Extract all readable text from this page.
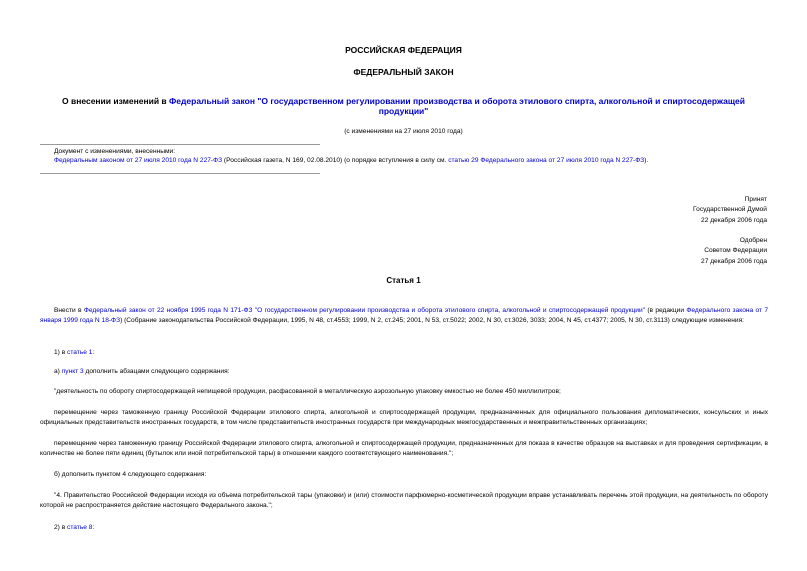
РОССИЙСКАЯ ФЕДЕРАЦИЯ
ФЕДЕРАЛЬНЫЙ ЗАКОН
О внесении изменений в Федеральный закон "О государственном регулировании производства и оборота этилового спирта, алкогольной и спиртосодержащей продукции"
(с изменениями на 27 июля 2010 года)
Документ с изменениями, внесенными:
Федеральным законом от 27 июля 2010 года N 227-ФЗ (Российская газета, N 169, 02.08.2010) (о порядке вступления в силу см. статью 29 Федерального закона от 27 июля 2010 года N 227-ФЗ).
Принят
Государственной Думой
22 декабря 2006 года
Одобрен
Советом Федерации
27 декабря 2006 года
Статья 1
Внести в Федеральный закон от 22 ноября 1995 года N 171-ФЗ "О государственном регулировании производства и оборота этилового спирта, алкогольной и спиртосодержащей продукции" (в редакции Федерального закона от 7 января 1999 года N 18-ФЗ) (Собрание законодательства Российской Федерации, 1995, N 48, ст.4553; 1999, N 2, ст.245; 2001, N 53, ст.5022; 2002, N 30, ст.3026, 3033; 2004, N 45, ст.4377; 2005, N 30, ст.3113) следующие изменения:
1) в статье 1:
а) пункт 3 дополнить абзацами следующего содержания:
"деятельность по обороту спиртосодержащей непищевой продукции, расфасованной в металлическую аэрозольную упаковку емкостью не более 450 миллилитров;
перемещение через таможенную границу Российской Федерации этилового спирта, алкогольной и спиртосодержащей продукции, предназначенных для официального пользования дипломатических, консульских и иных официальных представительств иностранных государств, в том числе представительств иностранных государств при международных межгосударственных и межправительственных организациях;
перемещение через таможенную границу Российской Федерации этилового спирта, алкогольной и спиртосодержащей продукции, предназначенных для показа в качестве образцов на выставках и для проведения сертификации, в количестве не более пяти единиц (бутылок или иной потребительской тары) в отношении каждого соответствующего наименования.";
б) дополнить пунктом 4 следующего содержания:
"4. Правительство Российской Федерации исходя из объема потребительской тары (упаковки) и (или) стоимости парфюмерно-косметической продукции вправе устанавливать перечень этой продукции, на деятельность по обороту которой не распространяется действие настоящего Федерального закона.";
2) в статье 8:
